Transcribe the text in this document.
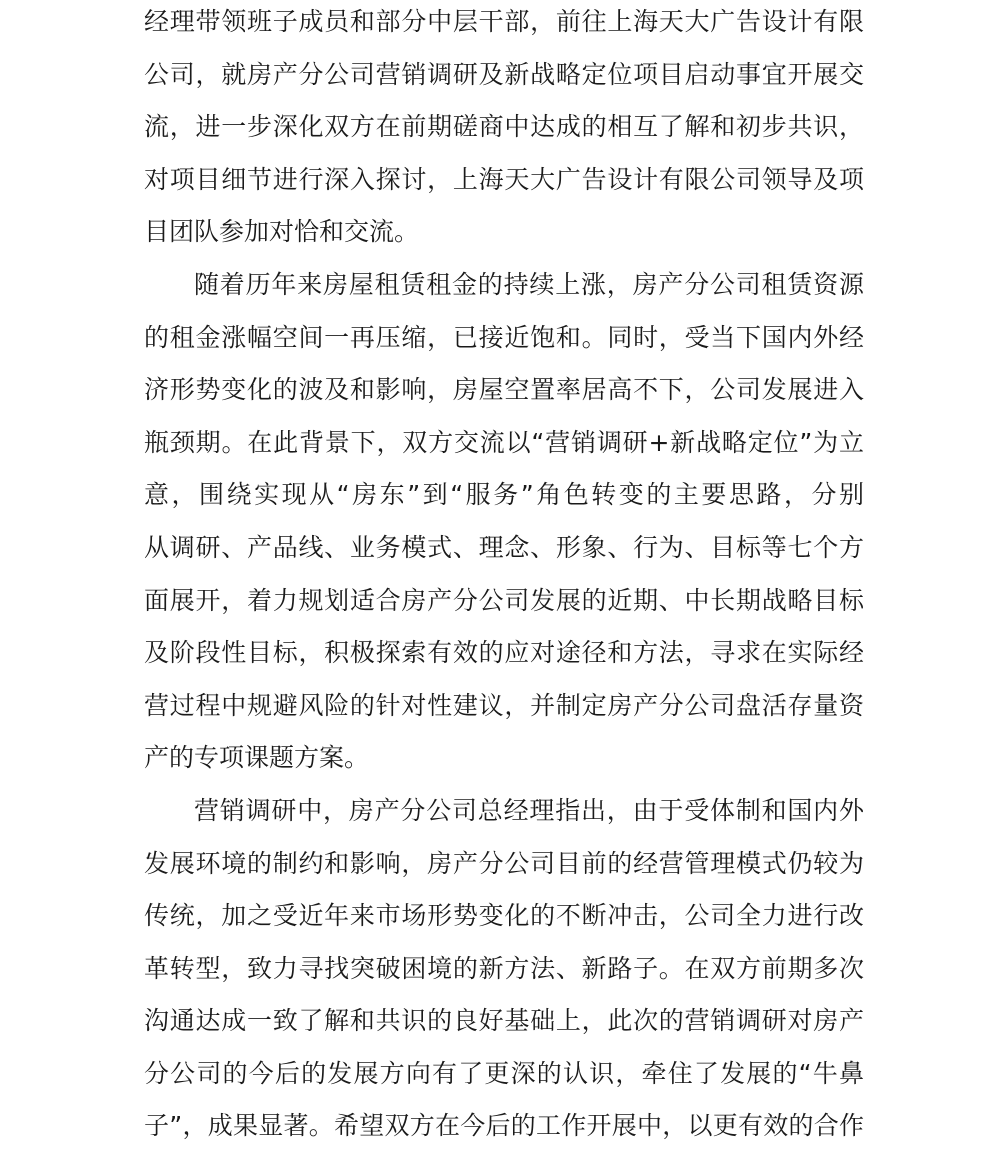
经理带领班子成员和部分中层干部，前往上海天大广告设计有限
公司，就房产分公司营销调研及新战略定位项目启动事宜开展交
流，进一步深化双方在前期磋商中达成的相互了解和初步共识，
对项目细节进行深入探讨，上海天大广告设计有限公司领导及项
目团队参加对恰和交流。
随着历年来房屋租赁租金的持续上涨，房产分公司租赁资源
的租金涨幅空间一再压缩，已接近饱和。同时，受当下国内外经
济形势变化的波及和影响，房屋空置率居高不下，公司发展进入
瓶颈期。在此背景下，双方交流以“营销调研+新战略定位”为立
意，围绕实现从“房东”到“服务”角色转变的主要思路，分别
从调研、产品线、业务模式、理念、形象、行为、目标等七个方
面展开，着力规划适合房产分公司发展的近期、中长期战略目标
及阶段性目标，积极探索有效的应对途径和方法，寻求在实际经
营过程中规避风险的针对性建议，并制定房产分公司盘活存量资
产的专项课题方案。
营销调研中，房产分公司总经理指出，由于受体制和国内外
发展环境的制约和影响，房产分公司目前的经营管理模式仍较为
传统，加之受近年来市场形势变化的不断冲击，公司全力进行改
革转型，致力寻找突破困境的新方法、新路子。在双方前期多次
沟通达成一致了解和共识的良好基础上，此次的营销调研对房产
分公司的今后的发展方向有了更深的认识，牵住了发展的“牛鼻
子”，成果显著。希望双方在今后的工作开展中，以更有效的合作
